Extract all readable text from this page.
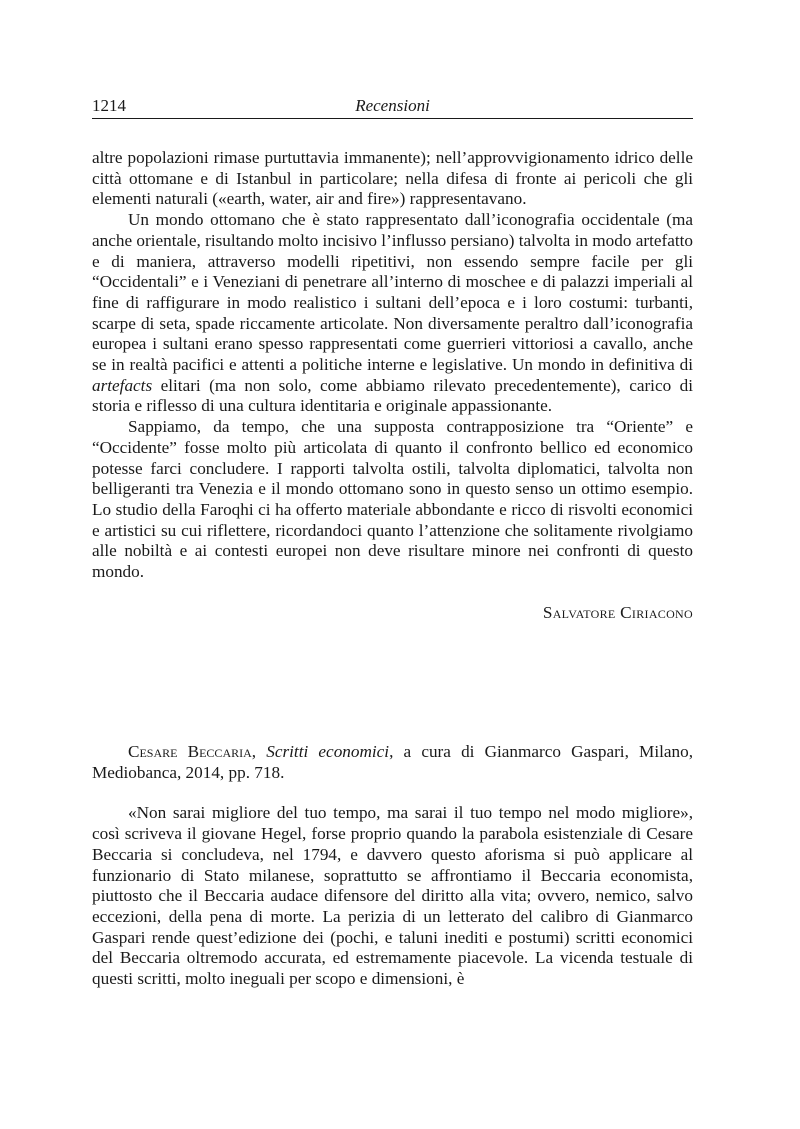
1214	Recensioni

altre popolazioni rimase purtuttavia immanente); nell’approvvigionamento idrico delle città ottomane e di Istanbul in particolare; nella difesa di fronte ai pericoli che gli elementi naturali («earth, water, air and fire») rappresentavano.

Un mondo ottomano che è stato rappresentato dall’iconografia occidentale (ma anche orientale, risultando molto incisivo l’influsso persiano) talvolta in modo artefatto e di maniera, attraverso modelli ripetitivi, non essendo sempre facile per gli “Occidentali” e i Veneziani di penetrare all’interno di moschee e di palazzi imperiali al fine di raffigurare in modo realistico i sultani dell’epoca e i loro costumi: turbanti, scarpe di seta, spade riccamente articolate. Non diversamente peraltro dall’iconografia europea i sultani erano spesso rappresentati come guerrieri vittoriosi a cavallo, anche se in realtà pacifici e attenti a politiche interne e legislative. Un mondo in definitiva di artefacts elitari (ma non solo, come abbiamo rilevato precedentemente), carico di storia e riflesso di una cultura identitaria e originale appassionante.

Sappiamo, da tempo, che una supposta contrapposizione tra “Oriente” e “Occidente” fosse molto più articolata di quanto il confronto bellico ed economico potesse farci concludere. I rapporti talvolta ostili, talvolta diplomatici, talvolta non belligeranti tra Venezia e il mondo ottomano sono in questo senso un ottimo esempio. Lo studio della Faroqhi ci ha offerto materiale abbondante e ricco di risvolti economici e artistici su cui riflettere, ricordandoci quanto l’attenzione che solitamente rivolgiamo alle nobiltà e ai contesti europei non deve risultare minore nei confronti di questo mondo.

Salvatore Ciriacono

Cesare Beccaria, Scritti economici, a cura di Gianmarco Gaspari, Milano, Mediobanca, 2014, pp. 718.

«Non sarai migliore del tuo tempo, ma sarai il tuo tempo nel modo migliore», così scriveva il giovane Hegel, forse proprio quando la parabola esistenziale di Cesare Beccaria si concludeva, nel 1794, e davvero questo aforisma si può applicare al funzionario di Stato milanese, soprattutto se affrontiamo il Beccaria economista, piuttosto che il Beccaria audace difensore del diritto alla vita; ovvero, nemico, salvo eccezioni, della pena di morte. La perizia di un letterato del calibro di Gianmarco Gaspari rende quest’edizione dei (pochi, e taluni inediti e postumi) scritti economici del Beccaria oltremodo accurata, ed estremamente piacevole. La vicenda testuale di questi scritti, molto ineguali per scopo e dimensioni, è
